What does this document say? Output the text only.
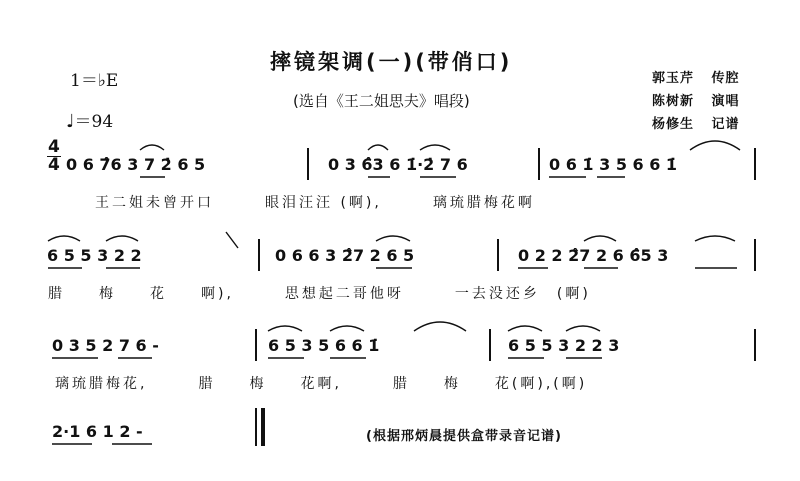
摔镜架调(一)(带俏口)
(选自《王二姐思夫》唱段)
郭玉芹 传腔
陈树新 演唱
杨修生 记谱
1＝♭E
♩＝94
$\frac{4}{4} 0$ 6 7̂6 3 7 2̇ 6 5	0 3 6̂3 6 1̇·2̇ 7 6	0 6 1̇ 3 5 6 6 1̇
王二姐未曾开口　　　眼泪汪汪 (啊),　　　璃琉腊梅花啊
6 5 5 3 2 2	0 6 6 3 2̂7 2 6 5	0 2 2 2̂7 2 6 6̂5 3
腊　　梅　　花　　啊),　　　思想起二哥他呀　　　一去没还乡　(啊)
0 3 5 2 7 6 -	6 5 3 5 6 6 1̇	6 5 5 3 2 2 3
璃琉腊梅花,　　　腊　　梅　　花啊,　　　腊　　梅　　花(啊),(啊)
2·1 6 1 2 -	(根据邢炳晨提供盒带录音记谱)
